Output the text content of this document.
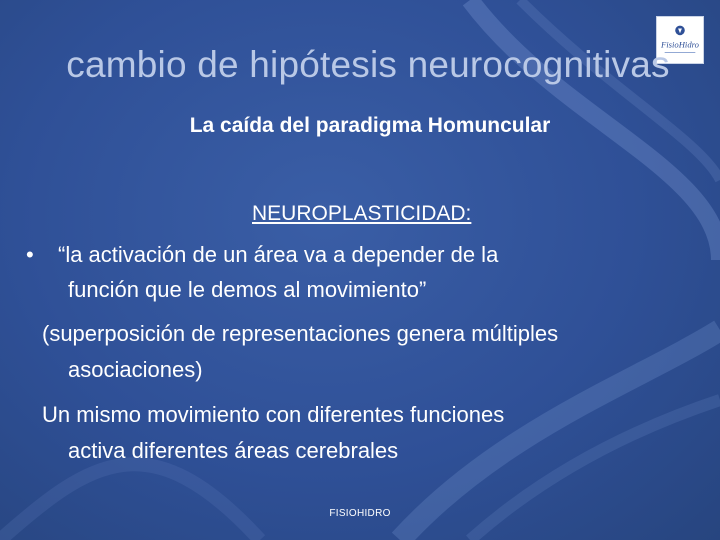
FisioHidro
cambio de hipótesis neurocognitivas
La caída del paradigma Homuncular
NEUROPLASTICIDAD:
• “la activación de un área va a depender de la
función que le demos al movimiento”
(superposición de representaciones genera múltiples
asociaciones)
Un mismo movimiento con diferentes funciones
activa diferentes áreas cerebrales
FISIOHIDRO
